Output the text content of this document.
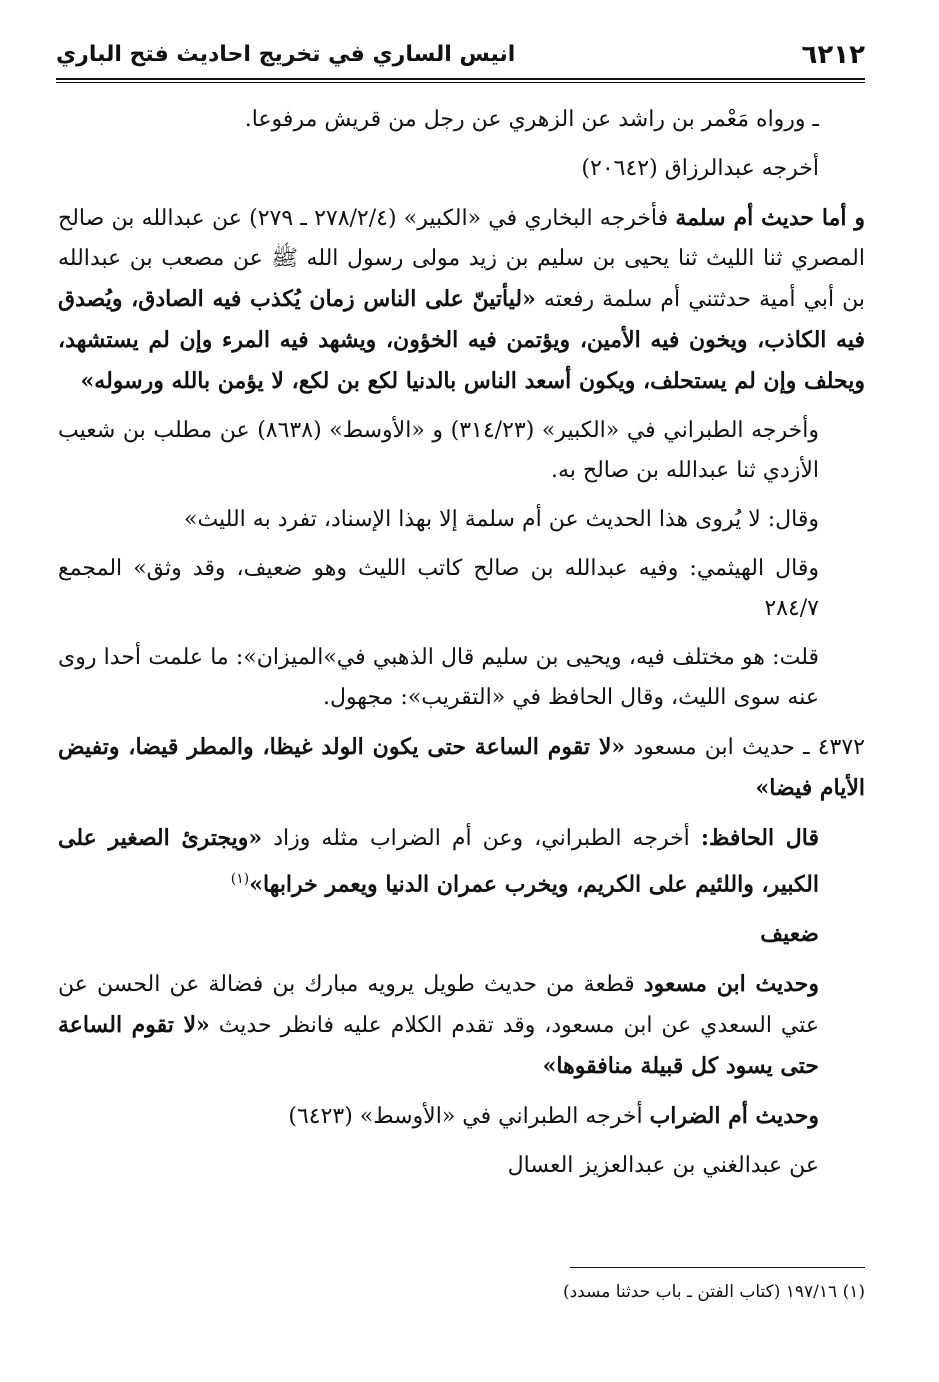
٦٢١٢
انيس الساري في تخريج احاديث فتح الباري

ـ ورواه مَعْمر بن راشد عن الزهري عن رجل من قريش مرفوعا.

أخرجه عبدالرزاق (٢٠٦٤٢)

و أما حديث أم سلمة فأخرجه البخاري في «الكبير» (٢٧٨/٢/٤ ـ ٢٧٩) عن عبدالله بن صالح المصري ثنا الليث ثنا يحيى بن سليم بن زيد مولى رسول الله ﷺ عن مصعب بن عبدالله بن أبي أمية حدثتني أم سلمة رفعته «ليأتينّ على الناس زمان يُكذب فيه الصادق، ويُصدق فيه الكاذب، ويخون فيه الأمين، ويؤتمن فيه الخؤون، ويشهد فيه المرء وإن لم يستشهد، ويحلف وإن لم يستحلف، ويكون أسعد الناس بالدنيا لكع بن لكع، لا يؤمن بالله ورسوله»

وأخرجه الطبراني في «الكبير» (٣١٤/٢٣) و «الأوسط» (٨٦٣٨) عن مطلب بن شعيب الأزدي ثنا عبدالله بن صالح به.

وقال: لا يُروى هذا الحديث عن أم سلمة إلا بهذا الإسناد، تفرد به الليث»

وقال الهيثمي: وفيه عبدالله بن صالح كاتب الليث وهو ضعيف، وقد وثق» المجمع ٢٨٤/٧

قلت: هو مختلف فيه، ويحيى بن سليم قال الذهبي في»الميزان»: ما علمت أحدا روى عنه سوى الليث، وقال الحافظ في «التقريب»: مجهول.

٤٣٧٢ ـ حديث ابن مسعود «لا تقوم الساعة حتى يكون الولد غيظا، والمطر قيضا، وتفيض الأيام فيضا»

قال الحافظ: أخرجه الطبراني، وعن أم الضراب مثله وزاد «ويجترئ الصغير على الكبير، واللئيم على الكريم، ويخرب عمران الدنيا ويعمر خرابها»$^{(١)}$

ضعيف

وحديث ابن مسعود قطعة من حديث طويل يرويه مبارك بن فضالة عن الحسن عن عتي السعدي عن ابن مسعود، وقد تقدم الكلام عليه فانظر حديث «لا تقوم الساعة حتى يسود كل قبيلة منافقوها»

وحديث أم الضراب أخرجه الطبراني في «الأوسط» (٦٤٢٣)

عن عبدالغني بن عبدالعزيز العسال

(١) ١٩٧/١٦ (كتاب الفتن ـ باب حدثنا مسدد)
